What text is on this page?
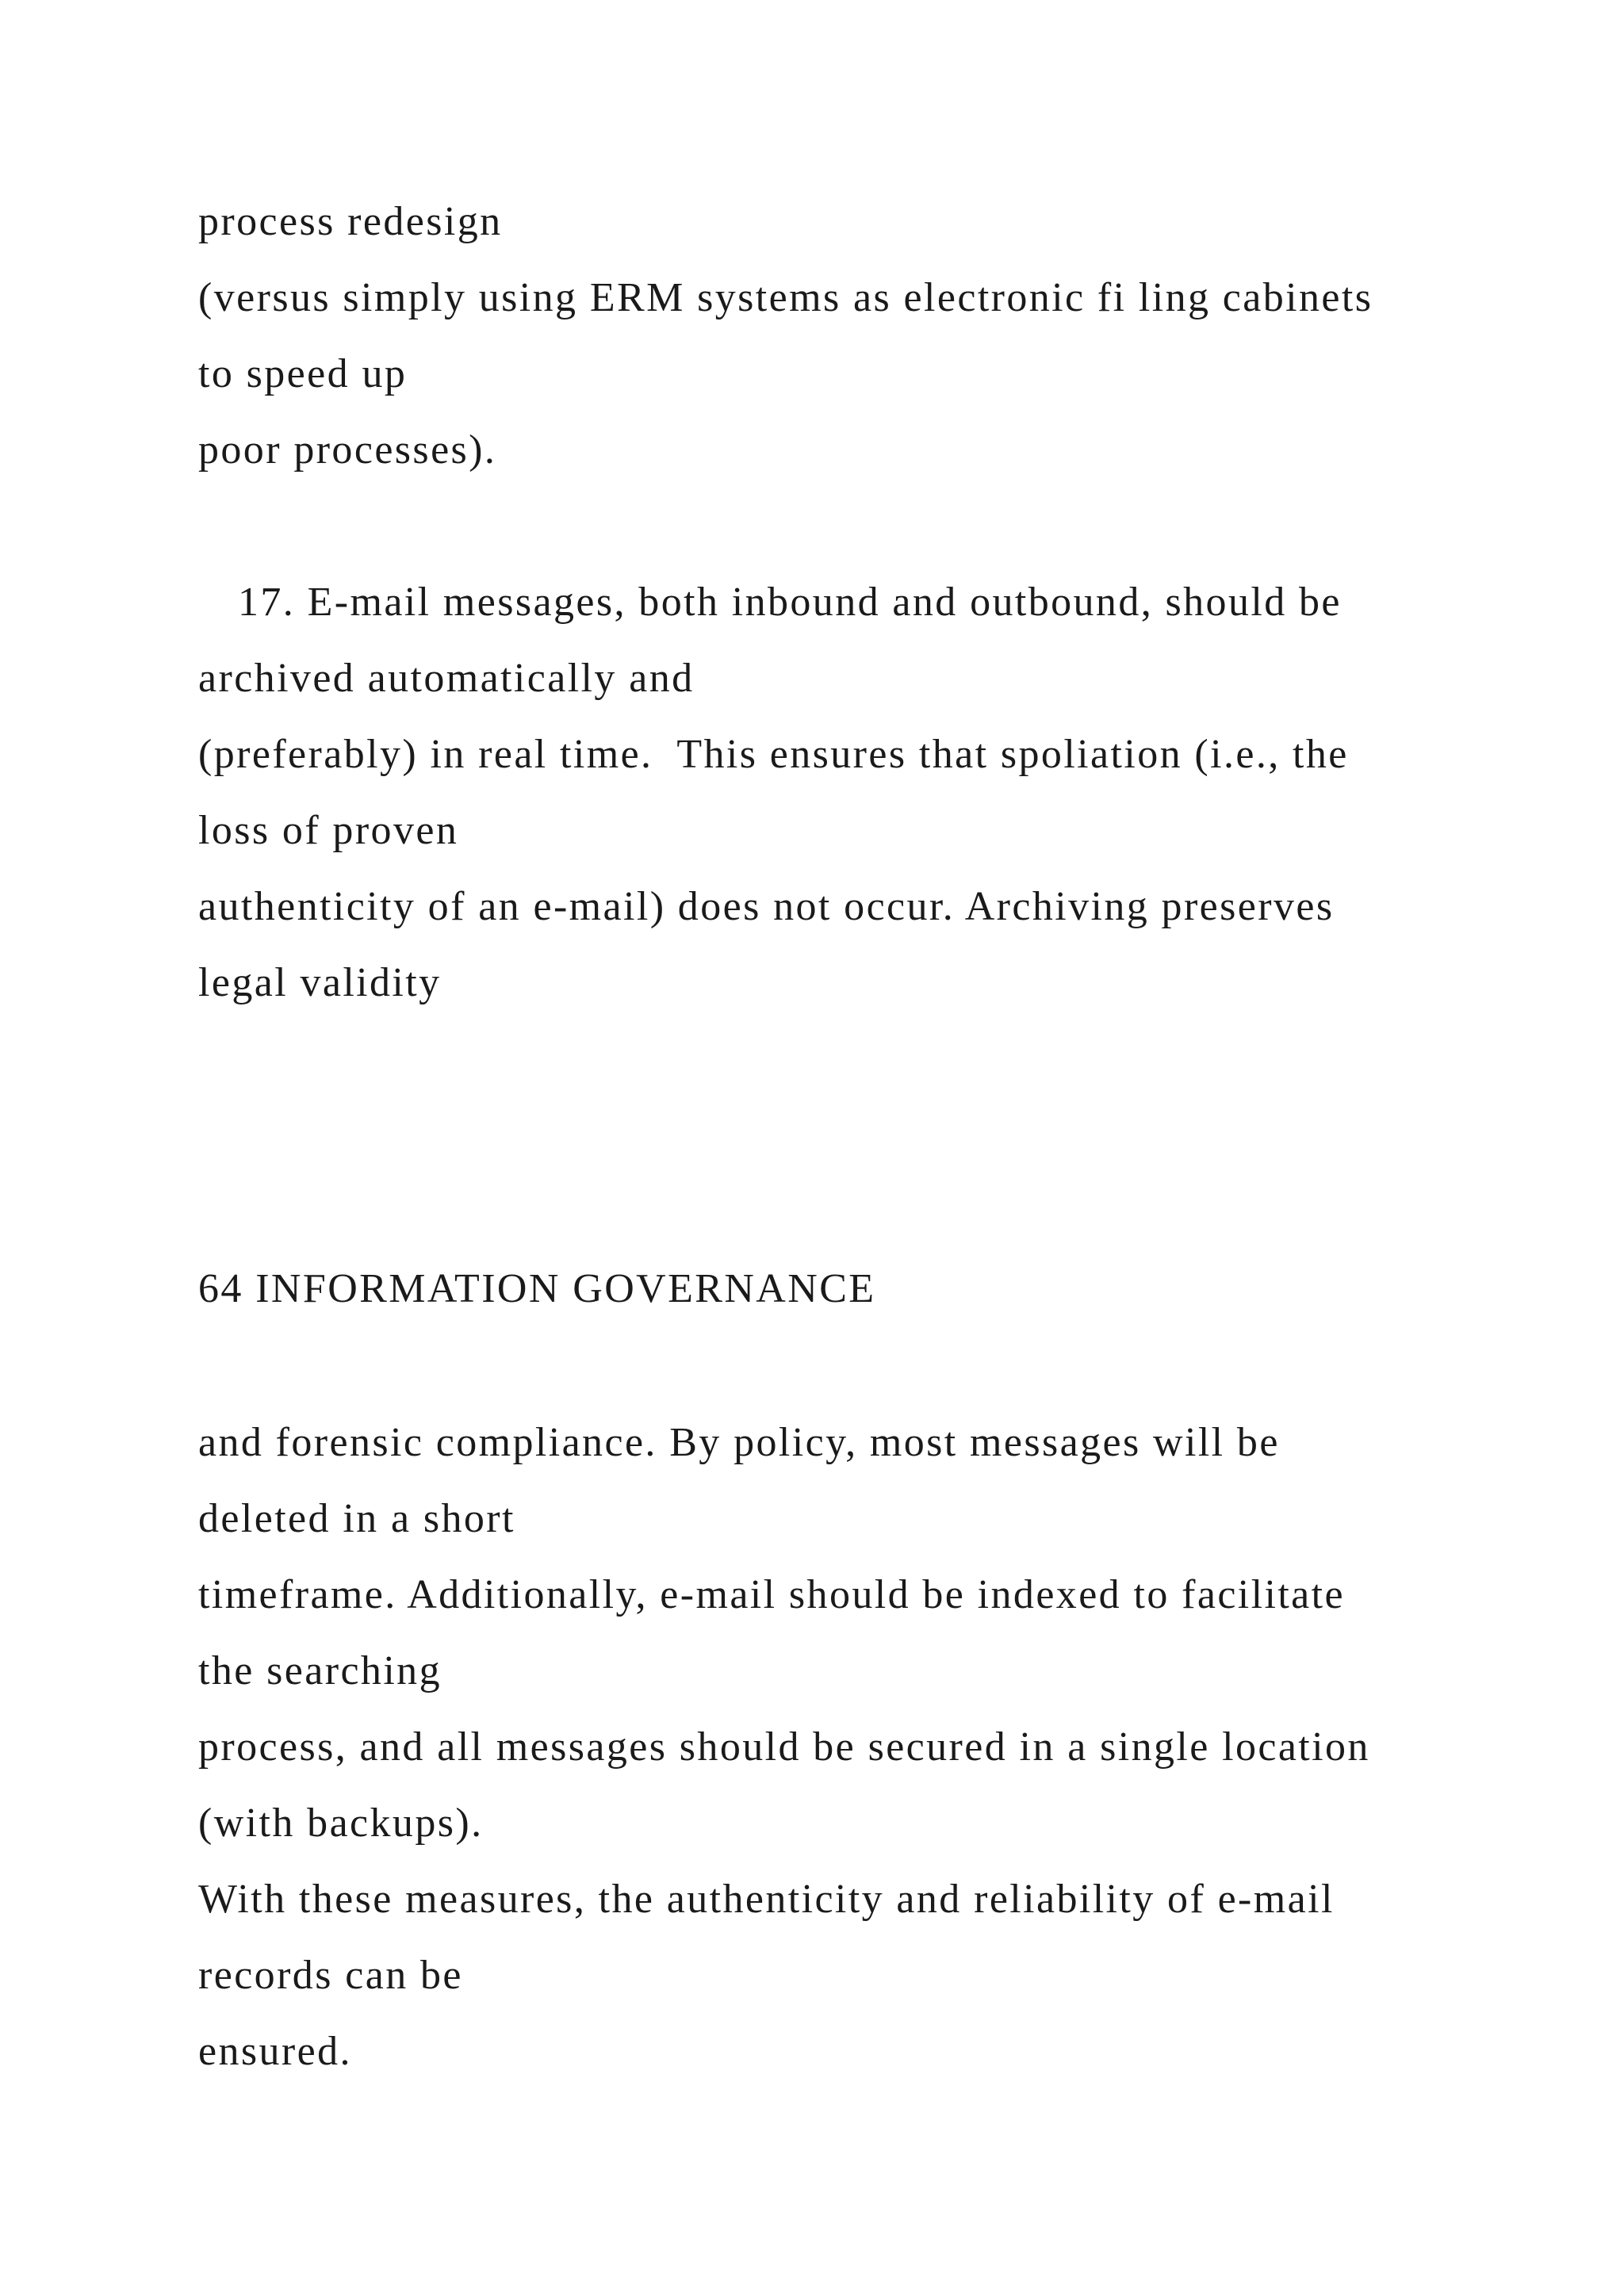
process redesign

(versus simply using ERM systems as electronic fi ling cabinets

to speed up

poor processes).

17. E-mail messages, both inbound and outbound, should be

archived automatically and

(preferably) in real time.  This ensures that spoliation (i.e., the

loss of proven

authenticity of an e-mail) does not occur. Archiving preserves

legal validity

64 INFORMATION GOVERNANCE

and forensic compliance. By policy, most messages will be

deleted in a short

timeframe. Additionally, e-mail should be indexed to facilitate

the searching

process, and all messages should be secured in a single location

(with backups).

With these measures, the authenticity and reliability of e-mail

records can be

ensured.
